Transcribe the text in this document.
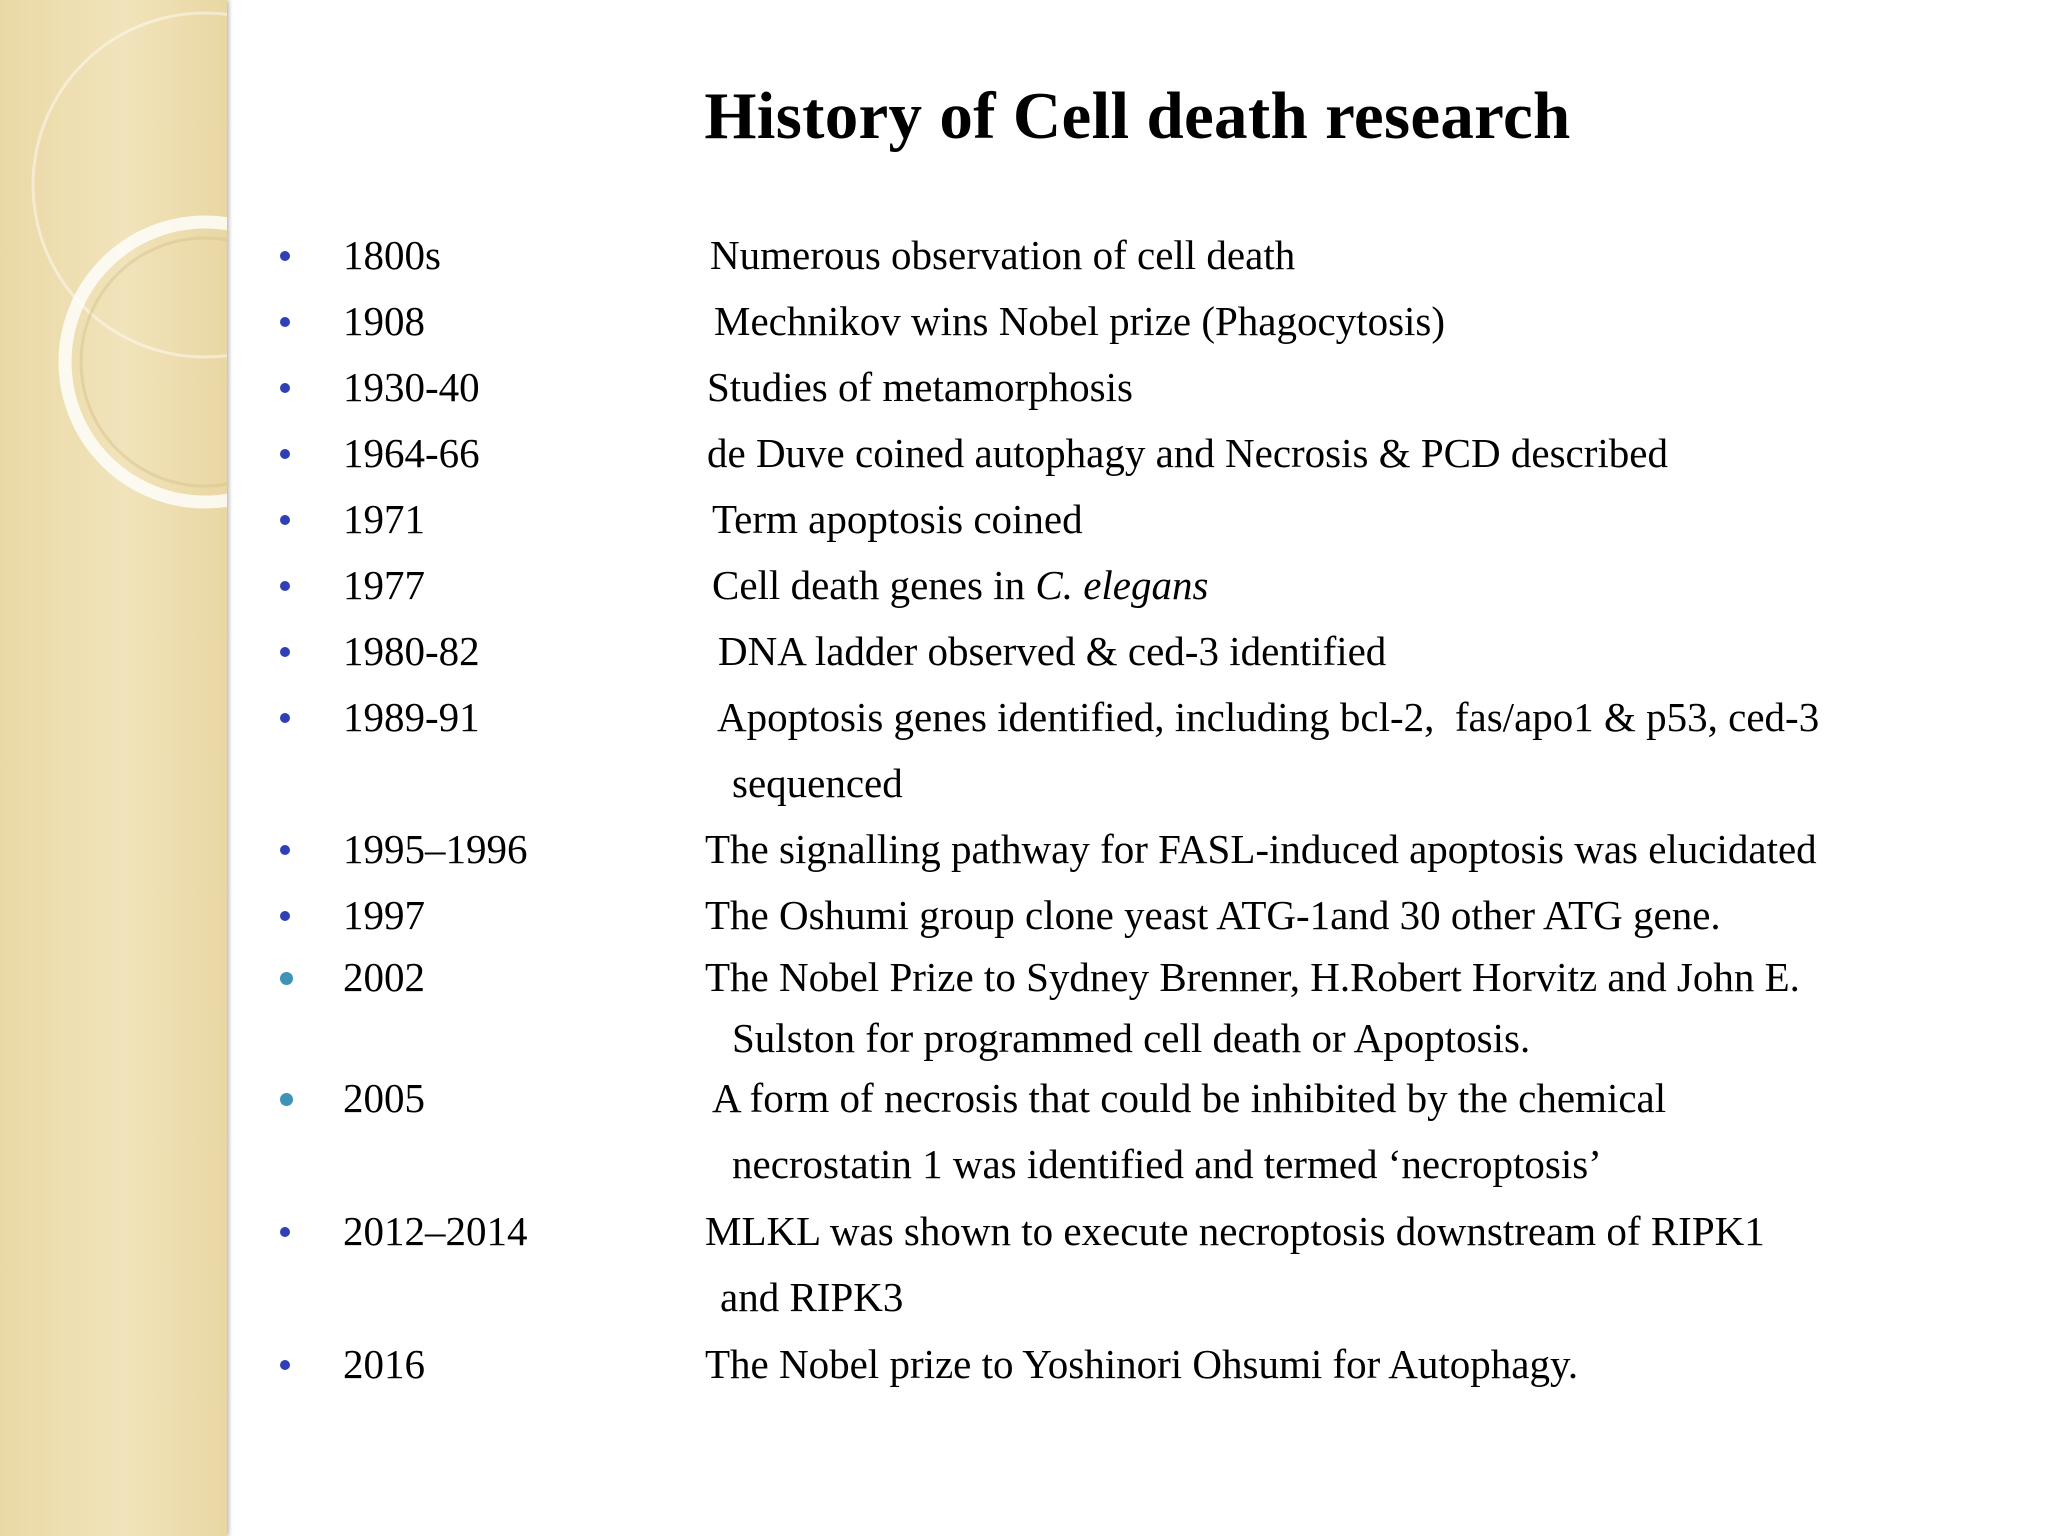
History of Cell death research
1800s	Numerous observation of cell death
1908	Mechnikov wins Nobel prize (Phagocytosis)
1930-40	Studies of metamorphosis
1964-66	de Duve coined autophagy and Necrosis & PCD described
1971	Term apoptosis coined
1977	Cell death genes in C. elegans
1980-82	DNA ladder observed & ced-3 identified
1989-91	Apoptosis genes identified, including bcl-2,  fas/apo1 & p53, ced-3
sequenced
1995–1996	The signalling pathway for FASL-induced apoptosis was elucidated
1997	The Oshumi group clone yeast ATG-1and 30 other ATG gene.
2002	The Nobel Prize to Sydney Brenner, H.Robert Horvitz and John E.
Sulston for programmed cell death or Apoptosis.
2005	A form of necrosis that could be inhibited by the chemical
necrostatin 1 was identified and termed ‘necroptosis’
2012–2014	MLKL was shown to execute necroptosis downstream of RIPK1
and RIPK3
2016	The Nobel prize to Yoshinori Ohsumi for Autophagy.
